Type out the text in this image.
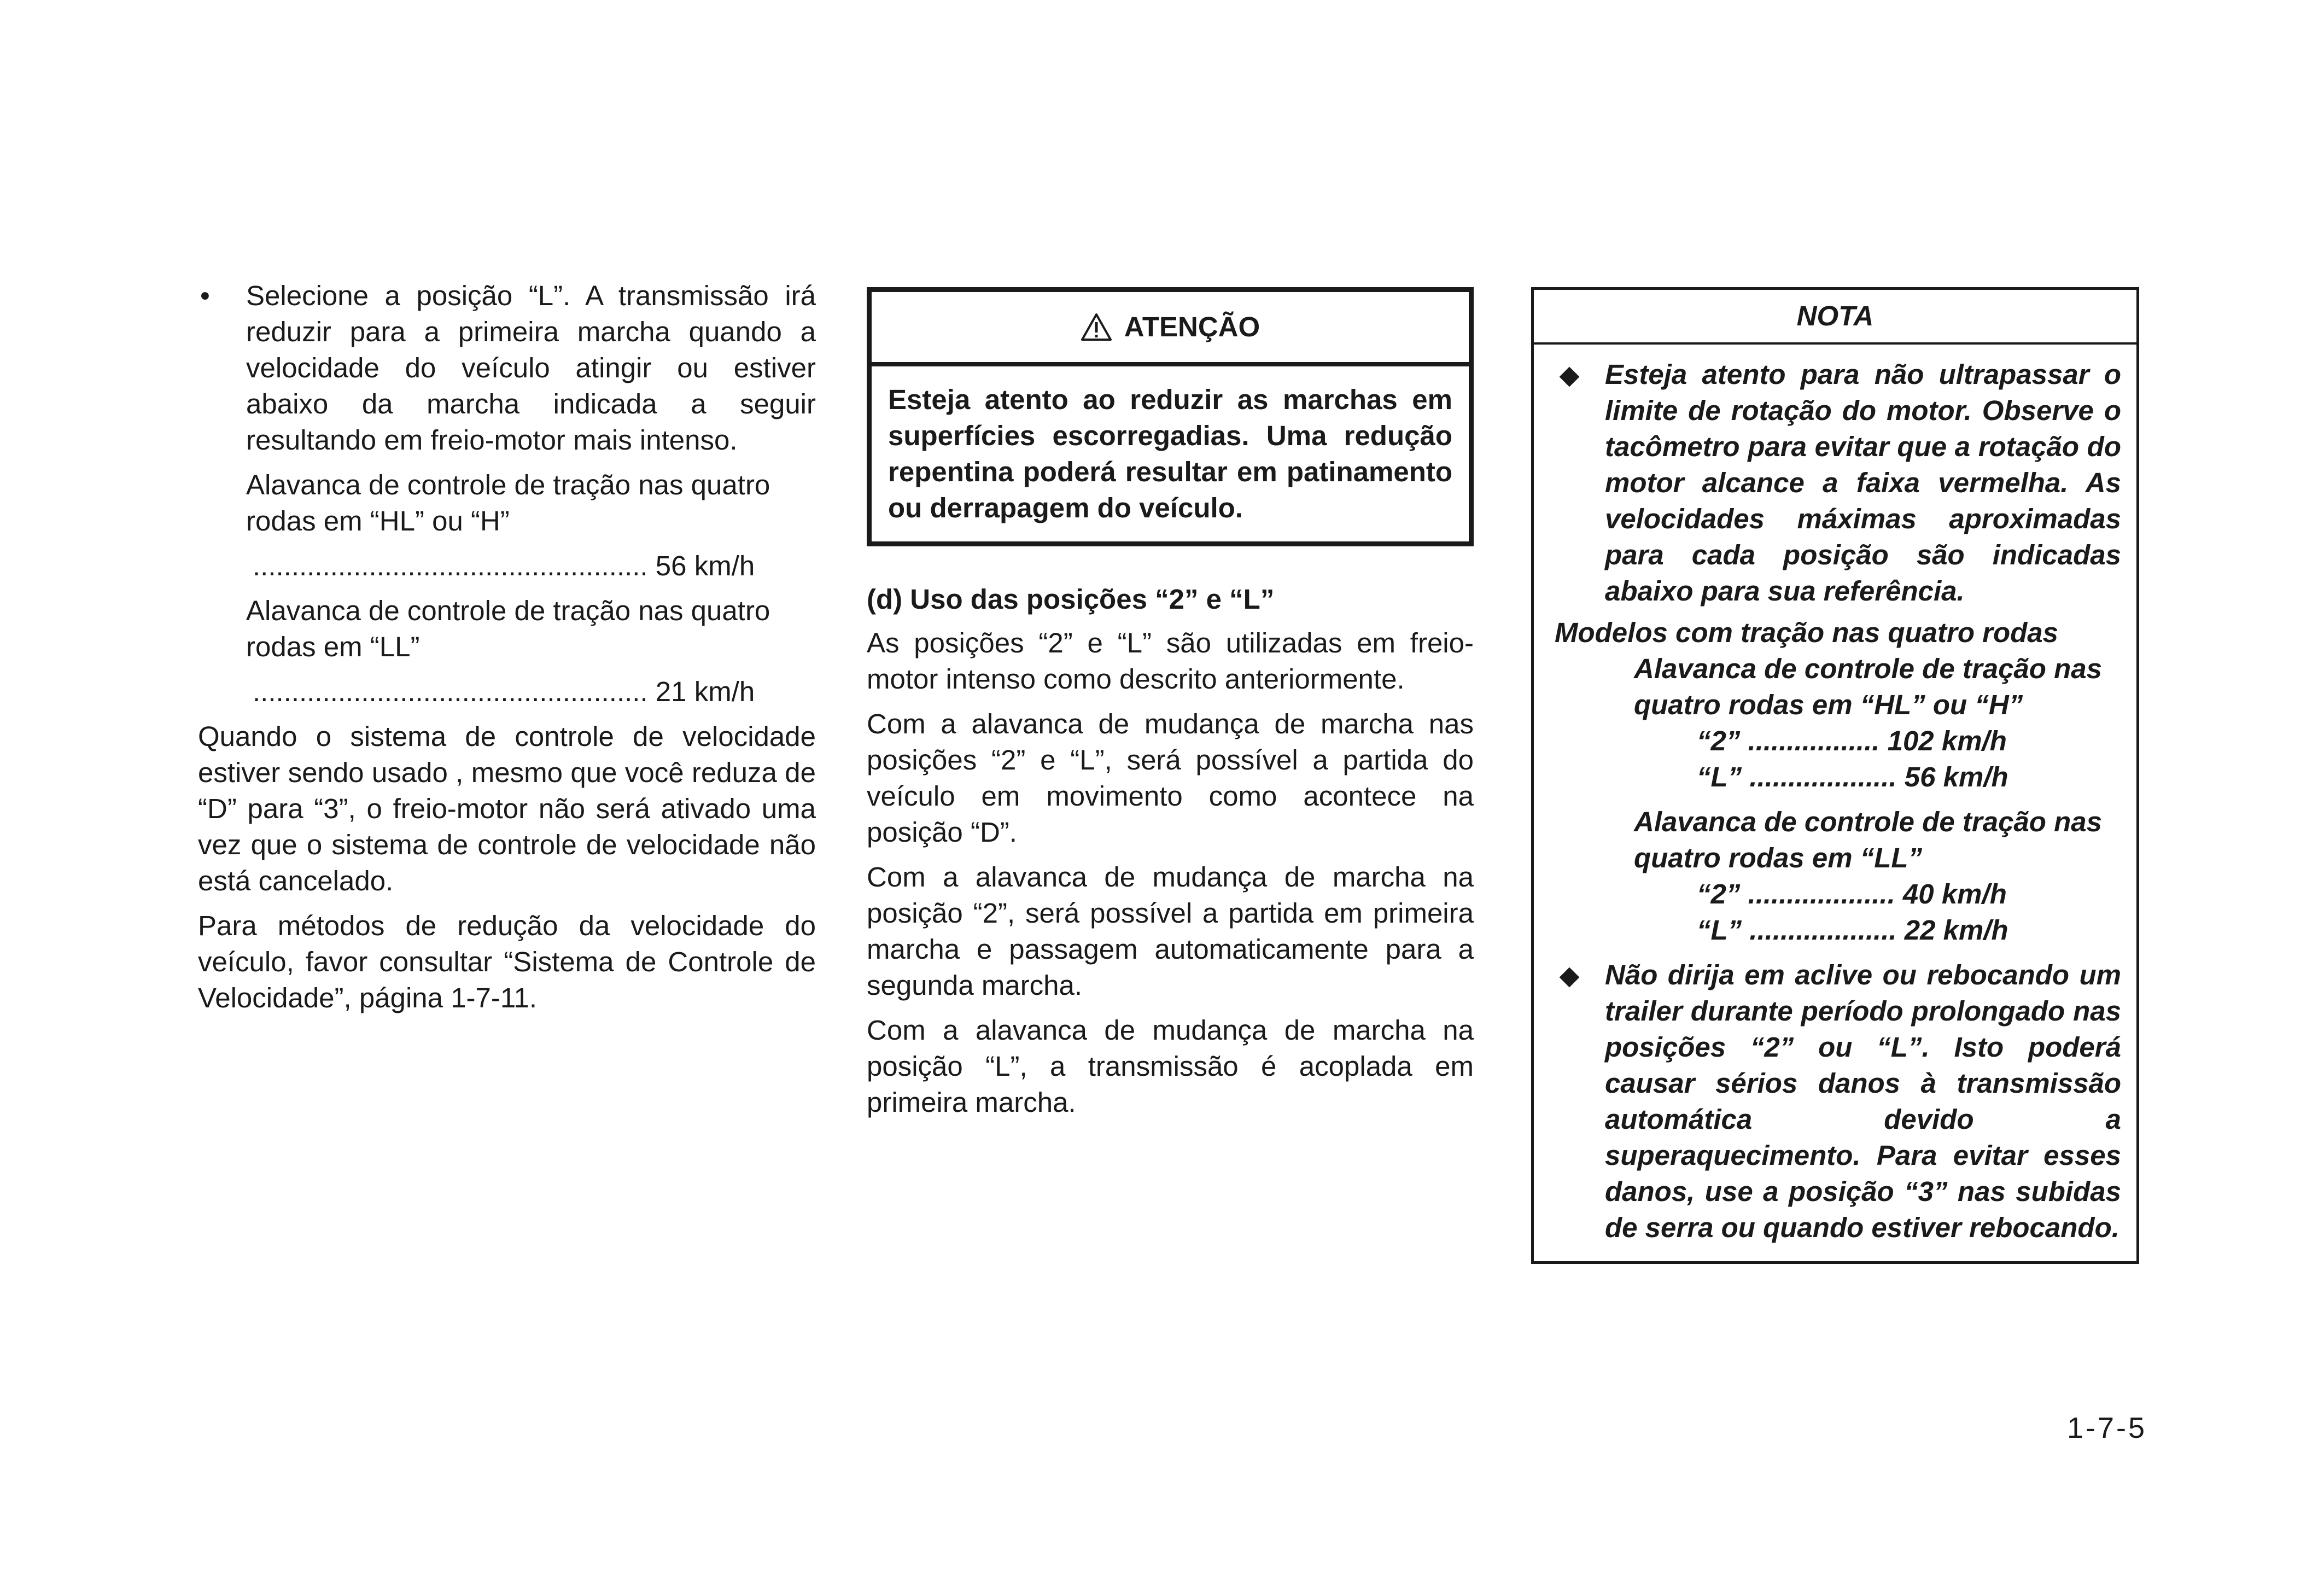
•	Selecione a posição “L”. A transmissão irá reduzir para a primeira marcha quando a velocidade do veículo atingir ou estiver abaixo da marcha indicada a seguir resultando em freio-motor mais intenso.

Alavanca de controle de tração nas quatro rodas em “HL” ou “H”

................................................... 56 km/h

Alavanca de controle de tração nas quatro rodas em “LL”

................................................... 21 km/h

Quando o sistema de controle de velocidade estiver sendo usado , mesmo que você reduza de “D” para “3”, o freio-motor não será ativado uma vez que o sistema de controle de velocidade não está cancelado.

Para métodos de redução da velocidade do veículo, favor consultar “Sistema de Controle de Velocidade”, página 1-7-11.

ATENÇÃO
Esteja atento ao reduzir as marchas em superfícies escorregadias. Uma redução repentina poderá resultar em patinamento ou derrapagem do veículo.

(d) Uso das posições “2” e “L”

As posições “2” e “L” são utilizadas em freio-motor intenso como descrito anteriormente.

Com a alavanca de mudança de marcha nas posições “2” e “L”, será possível a partida do veículo em movimento como acontece na posição “D”.

Com a alavanca de mudança de marcha na posição “2”, será possível a partida em primeira marcha e passagem automaticamente para a segunda marcha.

Com a alavanca de mudança de marcha na posição “L”, a transmissão é acoplada em primeira marcha.

NOTA
Esteja atento para não ultrapassar o limite de rotação do motor. Observe o tacômetro para evitar que a rotação do motor alcance a faixa vermelha. As velocidades máximas aproximadas para cada posição são indicadas abaixo para sua referência.

Modelos com tração nas quatro rodas

Alavanca de controle de tração nas quatro rodas em “HL” ou “H”

“2” ................. 102 km/h

“L” ................... 56 km/h

Alavanca de controle de tração nas quatro rodas em “LL”

“2” ................... 40 km/h

“L” ................... 22 km/h

Não dirija em aclive ou rebocando um trailer durante período prolongado nas posições “2” ou “L”. Isto poderá causar sérios danos à transmissão automática devido a superaquecimento. Para evitar esses danos, use a posição “3” nas subidas de serra ou quando estiver rebocando.
1-7-5
